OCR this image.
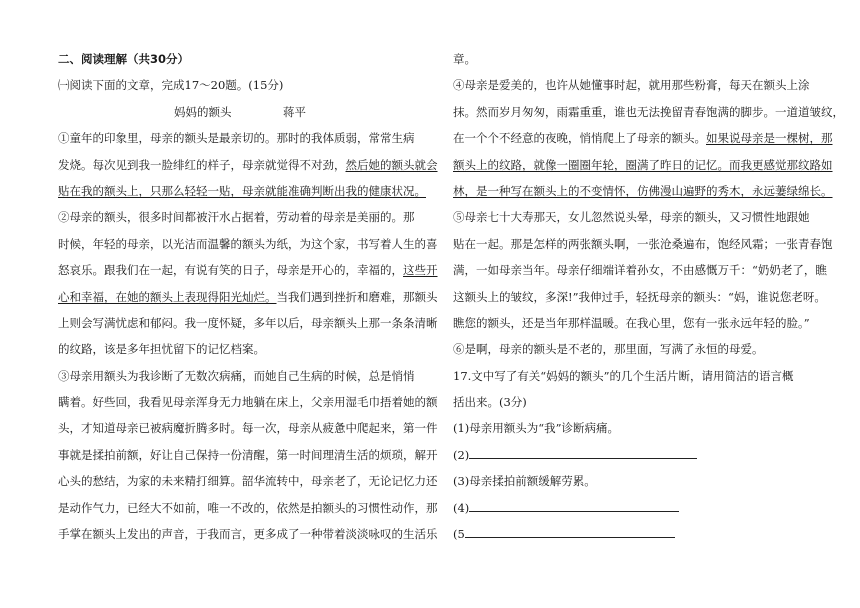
二、阅读理解（共30分）
㈠阅读下面的文章，完成17～20题。(15分)
妈妈的额头	蒋平
①童年的印象里，母亲的额头是最亲切的。那时的我体质弱，常常生病
发烧。每次见到我一脸绯红的样子，母亲就觉得不对劲，然后她的额头就会
贴在我的额头上，只那么轻轻一贴，母亲就能准确判断出我的健康状况。
②母亲的额头，很多时间都被汗水占据着，劳动着的母亲是美丽的。那
时候，年轻的母亲，以光洁而温馨的额头为纸，为这个家，书写着人生的喜
怒哀乐。跟我们在一起，有说有笑的日子，母亲是开心的，幸福的，这些开
心和幸福，在她的额头上表现得阳光灿烂。当我们遇到挫折和磨难，那额头
上则会写满忧虑和郁闷。我一度怀疑，多年以后，母亲额头上那一条条清晰
的纹路，该是多年担忧留下的记忆档案。
③母亲用额头为我诊断了无数次病痛，而她自己生病的时候，总是悄悄
瞒着。好些回，我看见母亲浑身无力地躺在床上，父亲用湿毛巾捂着她的额
头，才知道母亲已被病魔折腾多时。每一次，母亲从疲惫中爬起来，第一件
事就是揉拍前额，好让自己保持一份清醒，第一时间理清生活的烦琐，解开
心头的愁结，为家的未来精打细算。韶华流转中，母亲老了，无论记忆力还
是动作气力，已经大不如前，唯一不改的，依然是拍额头的习惯性动作，那
手掌在额头上发出的声音，于我而言，更多成了一种带着淡淡咏叹的生活乐
章。
④母亲是爱美的，也许从她懂事时起，就用那些粉膏，每天在额头上涂
抹。然而岁月匆匆，雨霜重重，谁也无法挽留青春饱满的脚步。一道道皱纹，
在一个个不经意的夜晚，悄悄爬上了母亲的额头。如果说母亲是一棵树，那
额头上的纹路，就像一圈圈年轮，圈满了昨日的记忆。而我更感觉那纹路如
林，是一种写在额头上的不变情怀，仿佛漫山遍野的秀木，永远萋绿绵长。
⑤母亲七十大寿那天，女儿忽然说头晕，母亲的额头，又习惯性地跟她
贴在一起。那是怎样的两张额头啊，一张沧桑遍布，饱经风霜；一张青春饱
满，一如母亲当年。母亲仔细端详着孙女，不由感慨万千：“奶奶老了，瞧
这额头上的皱纹，多深!”我伸过手，轻抚母亲的额头：“妈，谁说您老呀。
瞧您的额头，还是当年那样温暖。在我心里，您有一张永远年轻的脸。”
⑥是啊，母亲的额头是不老的，那里面，写满了永恒的母爱。
17.文中写了有关“妈妈的额头”的几个生活片断，请用简洁的语言概
括出来。(3分)
(1)母亲用额头为“我”诊断病痛。
(2)
(3)母亲揉拍前额缓解劳累。
(4)
(5
